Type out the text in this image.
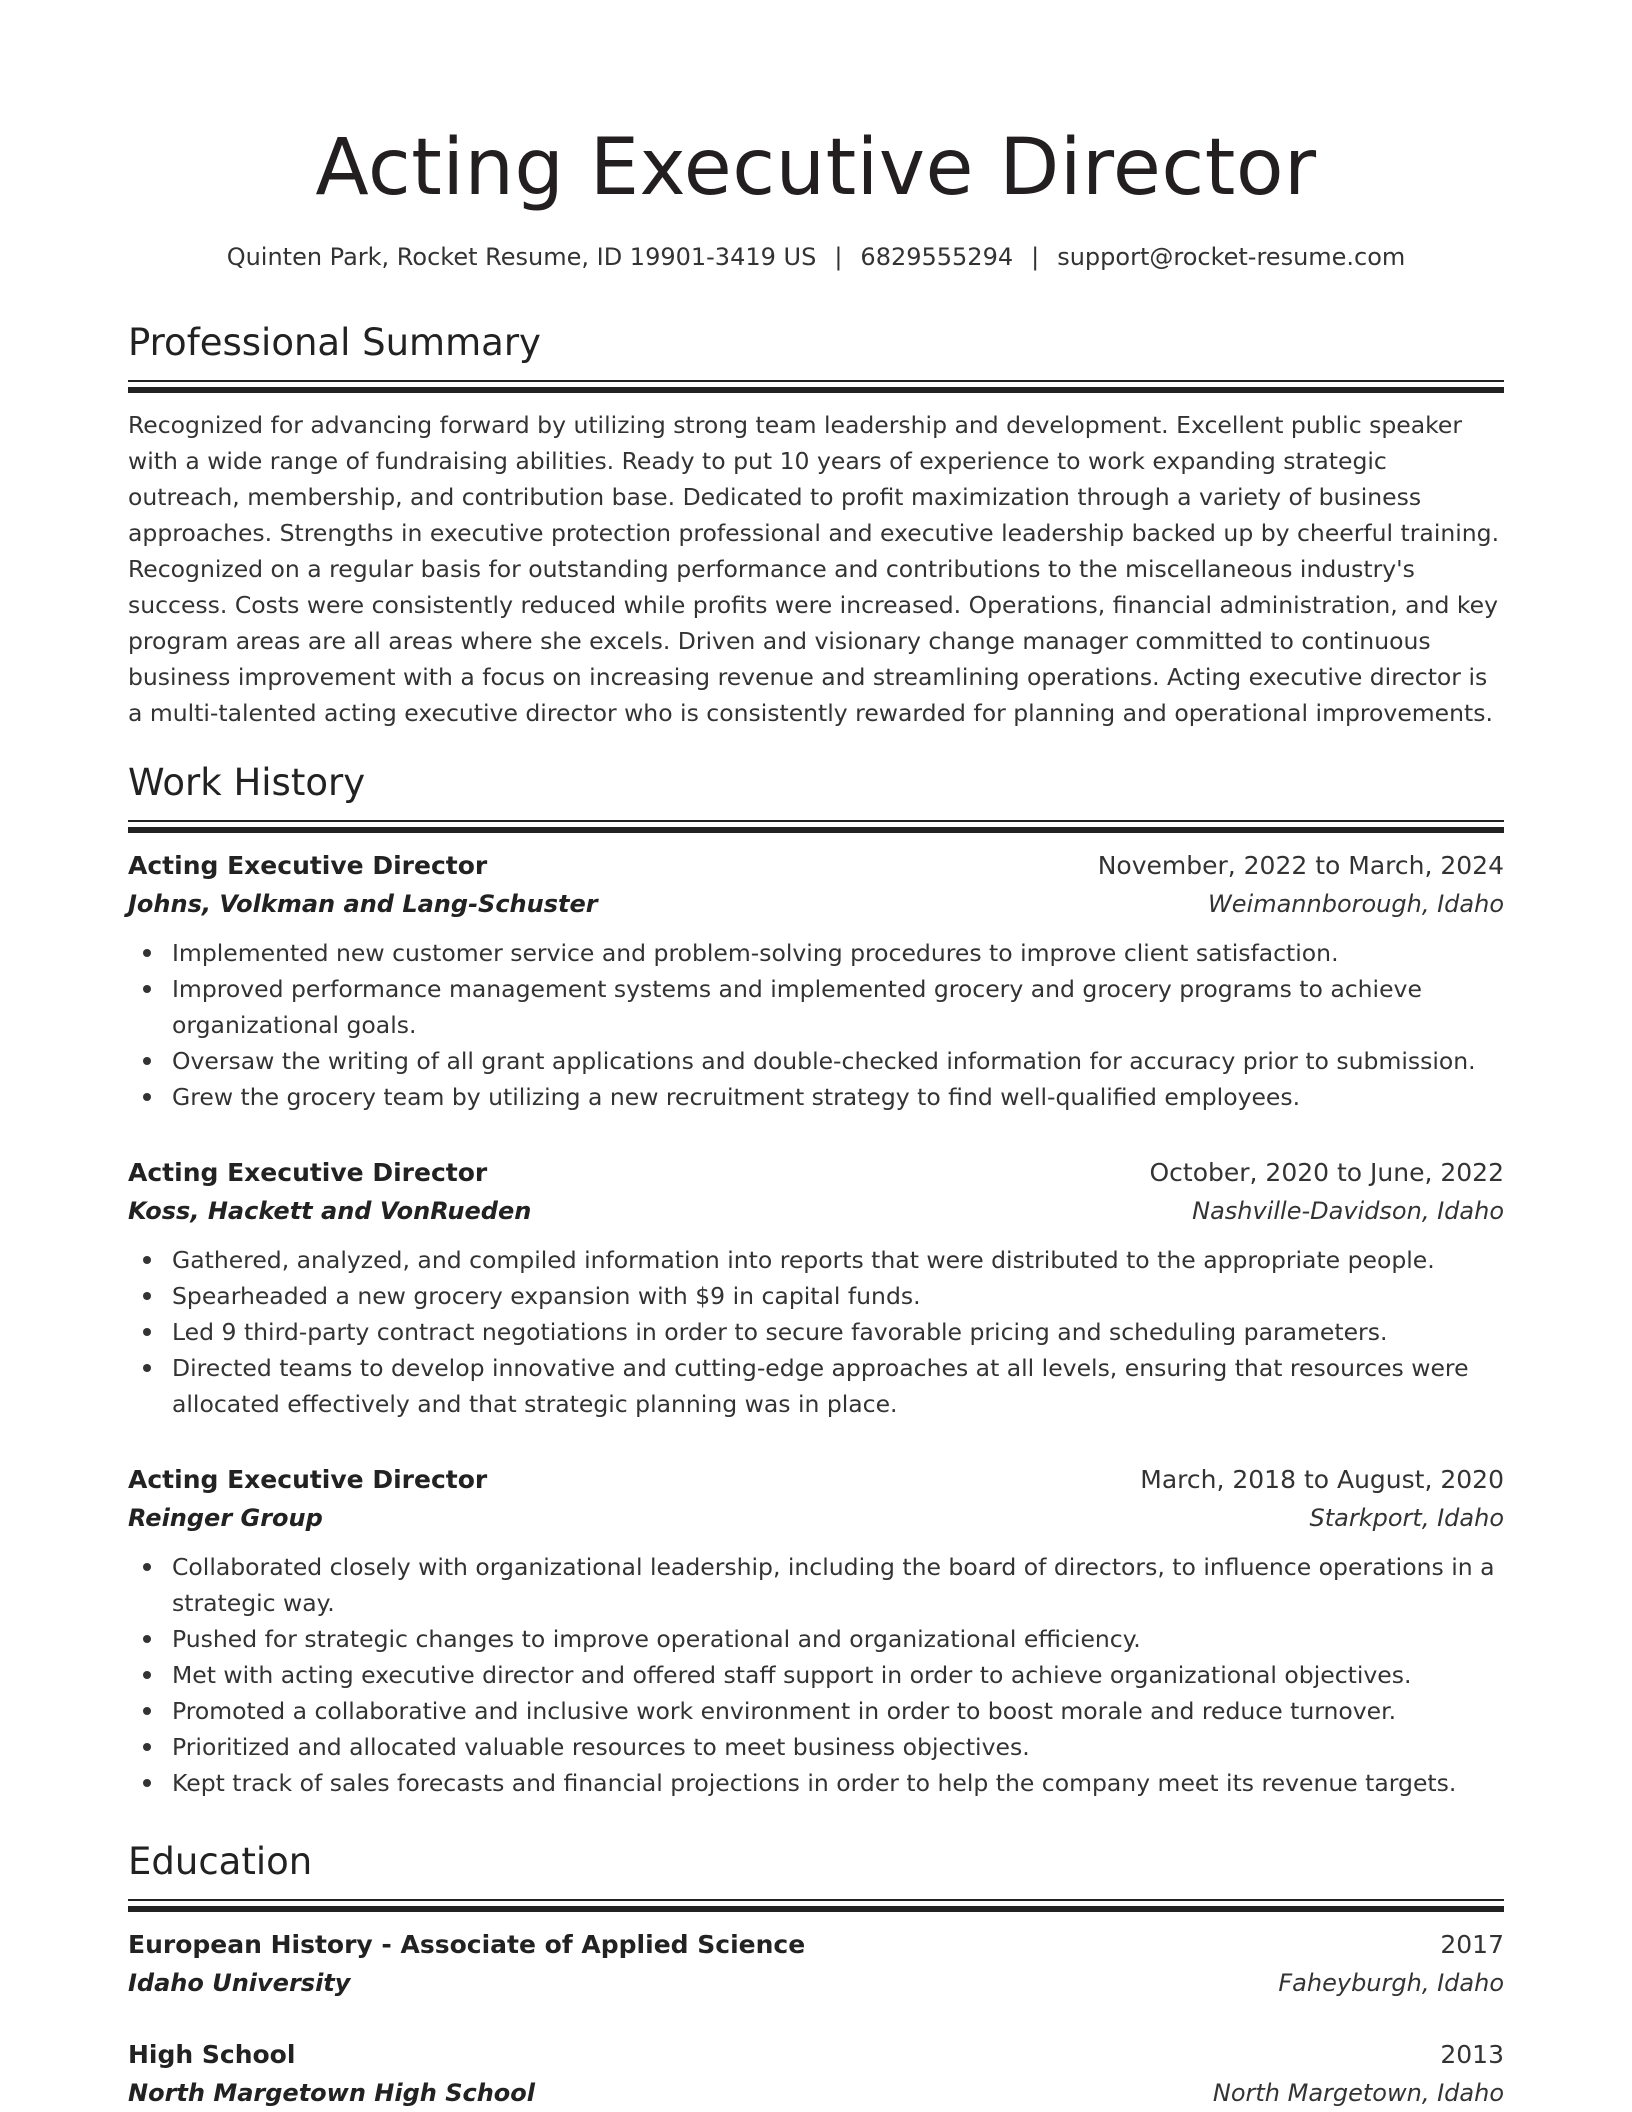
Acting Executive Director
Quinten Park, Rocket Resume, ID 19901-3419 US | 6829555294 | support@rocket-resume.com
Professional Summary
Recognized for advancing forward by utilizing strong team leadership and development. Excellent public speaker with a wide range of fundraising abilities. Ready to put 10 years of experience to work expanding strategic outreach, membership, and contribution base. Dedicated to profit maximization through a variety of business approaches. Strengths in executive protection professional and executive leadership backed up by cheerful training. Recognized on a regular basis for outstanding performance and contributions to the miscellaneous industry's success. Costs were consistently reduced while profits were increased. Operations, financial administration, and key program areas are all areas where she excels. Driven and visionary change manager committed to continuous business improvement with a focus on increasing revenue and streamlining operations. Acting executive director is a multi-talented acting executive director who is consistently rewarded for planning and operational improvements.
Work History
Acting Executive Director	November, 2022 to March, 2024
Johns, Volkman and Lang-Schuster	Weimannborough, Idaho
Implemented new customer service and problem-solving procedures to improve client satisfaction.
Improved performance management systems and implemented grocery and grocery programs to achieve organizational goals.
Oversaw the writing of all grant applications and double-checked information for accuracy prior to submission.
Grew the grocery team by utilizing a new recruitment strategy to find well-qualified employees.
Acting Executive Director	October, 2020 to June, 2022
Koss, Hackett and VonRueden	Nashville-Davidson, Idaho
Gathered, analyzed, and compiled information into reports that were distributed to the appropriate people.
Spearheaded a new grocery expansion with $9 in capital funds.
Led 9 third-party contract negotiations in order to secure favorable pricing and scheduling parameters.
Directed teams to develop innovative and cutting-edge approaches at all levels, ensuring that resources were allocated effectively and that strategic planning was in place.
Acting Executive Director	March, 2018 to August, 2020
Reinger Group	Starkport, Idaho
Collaborated closely with organizational leadership, including the board of directors, to influence operations in a strategic way.
Pushed for strategic changes to improve operational and organizational efficiency.
Met with acting executive director and offered staff support in order to achieve organizational objectives.
Promoted a collaborative and inclusive work environment in order to boost morale and reduce turnover.
Prioritized and allocated valuable resources to meet business objectives.
Kept track of sales forecasts and financial projections in order to help the company meet its revenue targets.
Education
European History - Associate of Applied Science	2017
Idaho University	Faheyburgh, Idaho
High School	2013
North Margetown High School	North Margetown, Idaho
